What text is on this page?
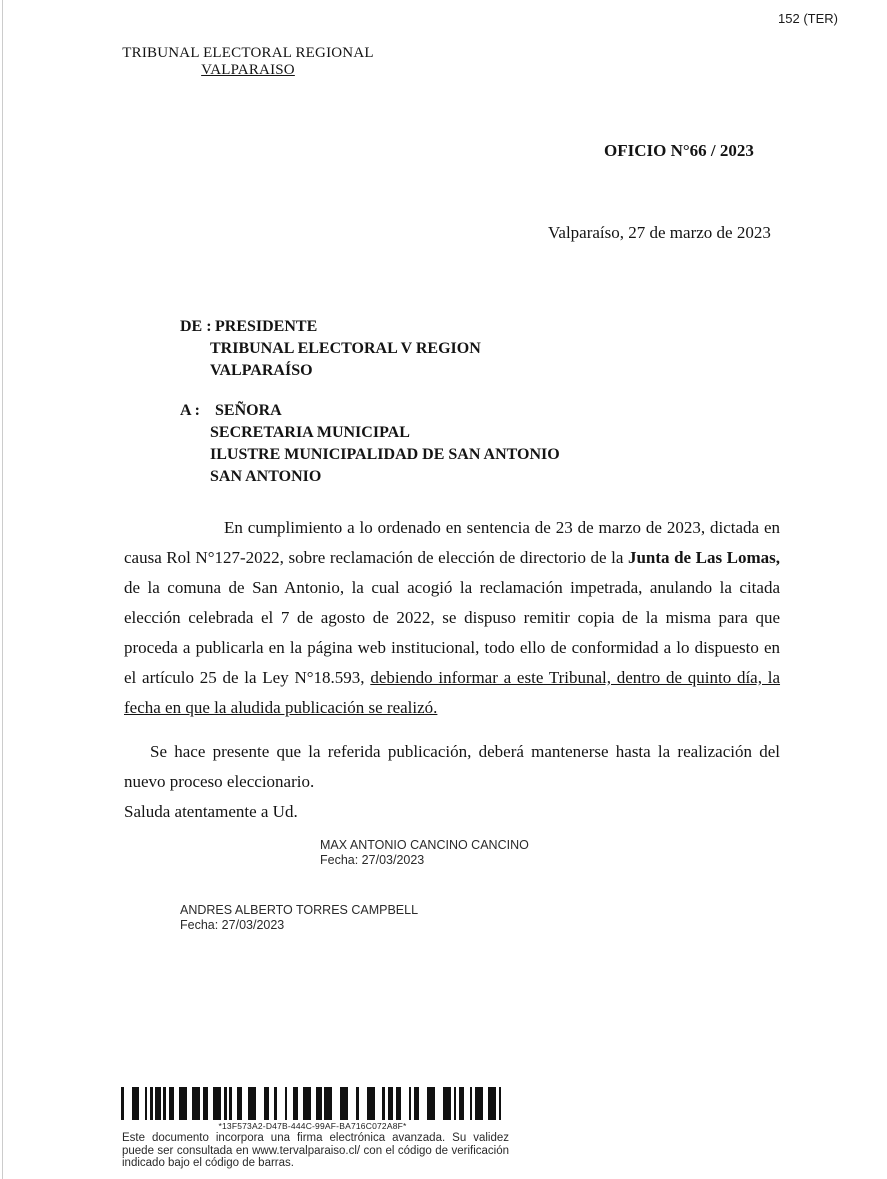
152 (TER)
TRIBUNAL ELECTORAL REGIONAL
VALPARAISO
OFICIO N°66 / 2023
Valparaíso, 27 de marzo de 2023
DE : PRESIDENTE
TRIBUNAL ELECTORAL V REGION
VALPARAÍSO
A : SEÑORA
SECRETARIA MUNICIPAL
ILUSTRE MUNICIPALIDAD DE SAN ANTONIO
SAN ANTONIO

En cumplimiento a lo ordenado en sentencia de 23 de marzo de 2023, dictada en causa Rol N°127-2022, sobre reclamación de elección de directorio de la Junta de Las Lomas, de la comuna de San Antonio, la cual acogió la reclamación impetrada, anulando la citada elección celebrada el 7 de agosto de 2022, se dispuso remitir copia de la misma para que proceda a publicarla en la página web institucional, todo ello de conformidad a lo dispuesto en el artículo 25 de la Ley N°18.593, debiendo informar a este Tribunal, dentro de quinto día, la fecha en que la aludida publicación se realizó.

Se hace presente que la referida publicación, deberá mantenerse hasta la realización del nuevo proceso eleccionario.

Saluda atentamente a Ud.

MAX ANTONIO CANCINO CANCINO
Fecha: 27/03/2023
ANDRES ALBERTO TORRES CAMPBELL
Fecha: 27/03/2023
*13F573A2-D47B-444C-99AF-BA716C072A8F*
Este documento incorpora una firma electrónica avanzada. Su validez puede ser consultada en www.tervalparaiso.cl/ con el código de verificación indicado bajo el código de barras.
